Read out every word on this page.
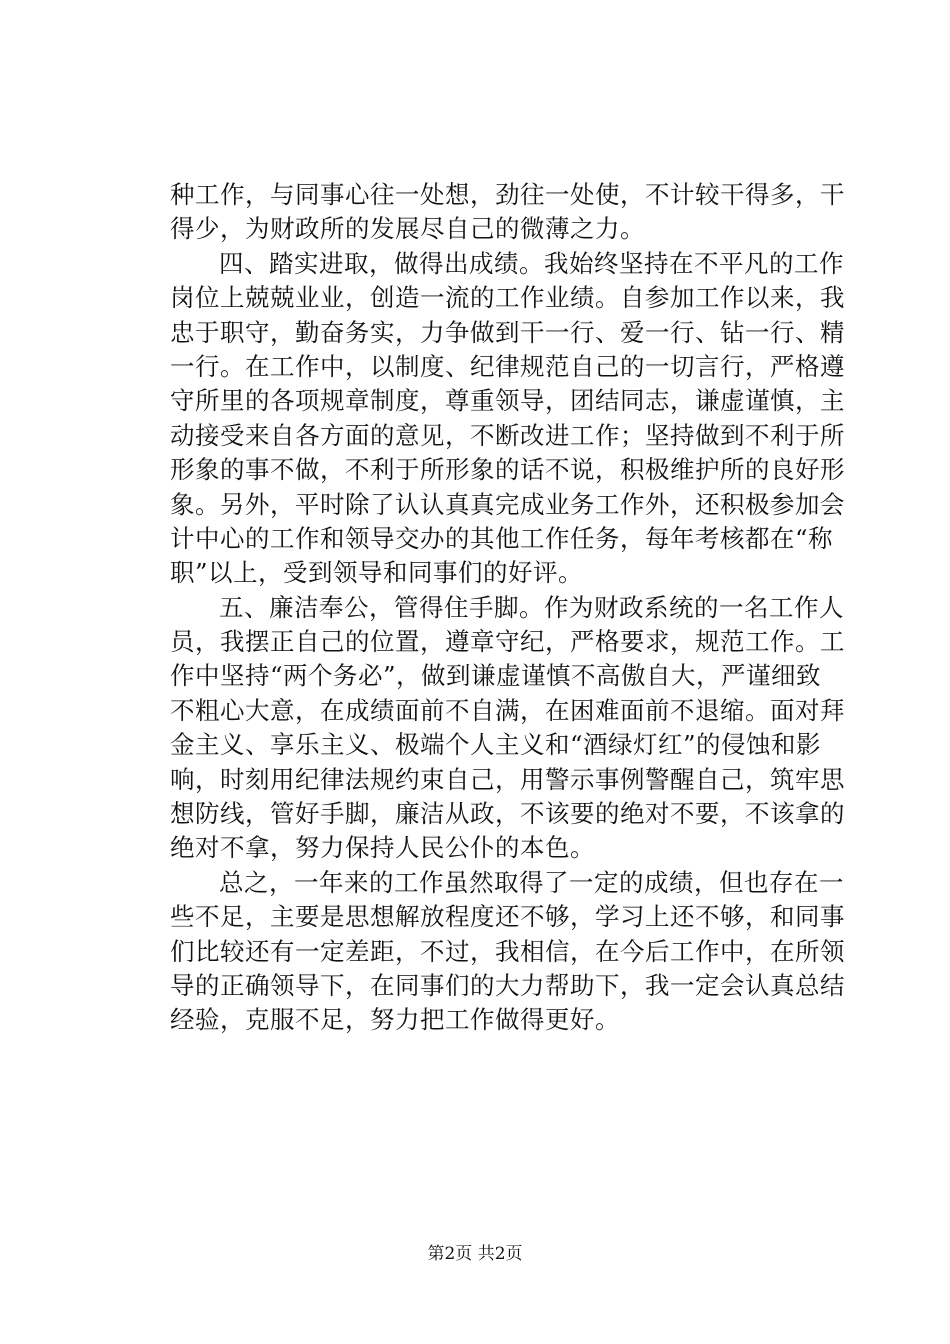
种工作，与同事心往一处想，劲往一处使，不计较干得多，干
得少，为财政所的发展尽自己的微薄之力。
四、踏实进取，做得出成绩。我始终坚持在不平凡的工作
岗位上兢兢业业，创造一流的工作业绩。自参加工作以来，我
忠于职守，勤奋务实，力争做到干一行、爱一行、钻一行、精
一行。在工作中，以制度、纪律规范自己的一切言行，严格遵
守所里的各项规章制度，尊重领导，团结同志，谦虚谨慎，主
动接受来自各方面的意见，不断改进工作；坚持做到不利于所
形象的事不做，不利于所形象的话不说，积极维护所的良好形
象。另外，平时除了认认真真完成业务工作外，还积极参加会
计中心的工作和领导交办的其他工作任务，每年考核都在“称
职”以上，受到领导和同事们的好评。
五、廉洁奉公，管得住手脚。作为财政系统的一名工作人
员，我摆正自己的位置，遵章守纪，严格要求，规范工作。工
作中坚持“两个务必”，做到谦虚谨慎不高傲自大，严谨细致
不粗心大意，在成绩面前不自满，在困难面前不退缩。面对拜
金主义、享乐主义、极端个人主义和“酒绿灯红”的侵蚀和影
响，时刻用纪律法规约束自己，用警示事例警醒自己，筑牢思
想防线，管好手脚，廉洁从政，不该要的绝对不要，不该拿的
绝对不拿，努力保持人民公仆的本色。
总之，一年来的工作虽然取得了一定的成绩，但也存在一
些不足，主要是思想解放程度还不够，学习上还不够，和同事
们比较还有一定差距，不过，我相信，在今后工作中，在所领
导的正确领导下，在同事们的大力帮助下，我一定会认真总结
经验，克服不足，努力把工作做得更好。
第2页 共2页
